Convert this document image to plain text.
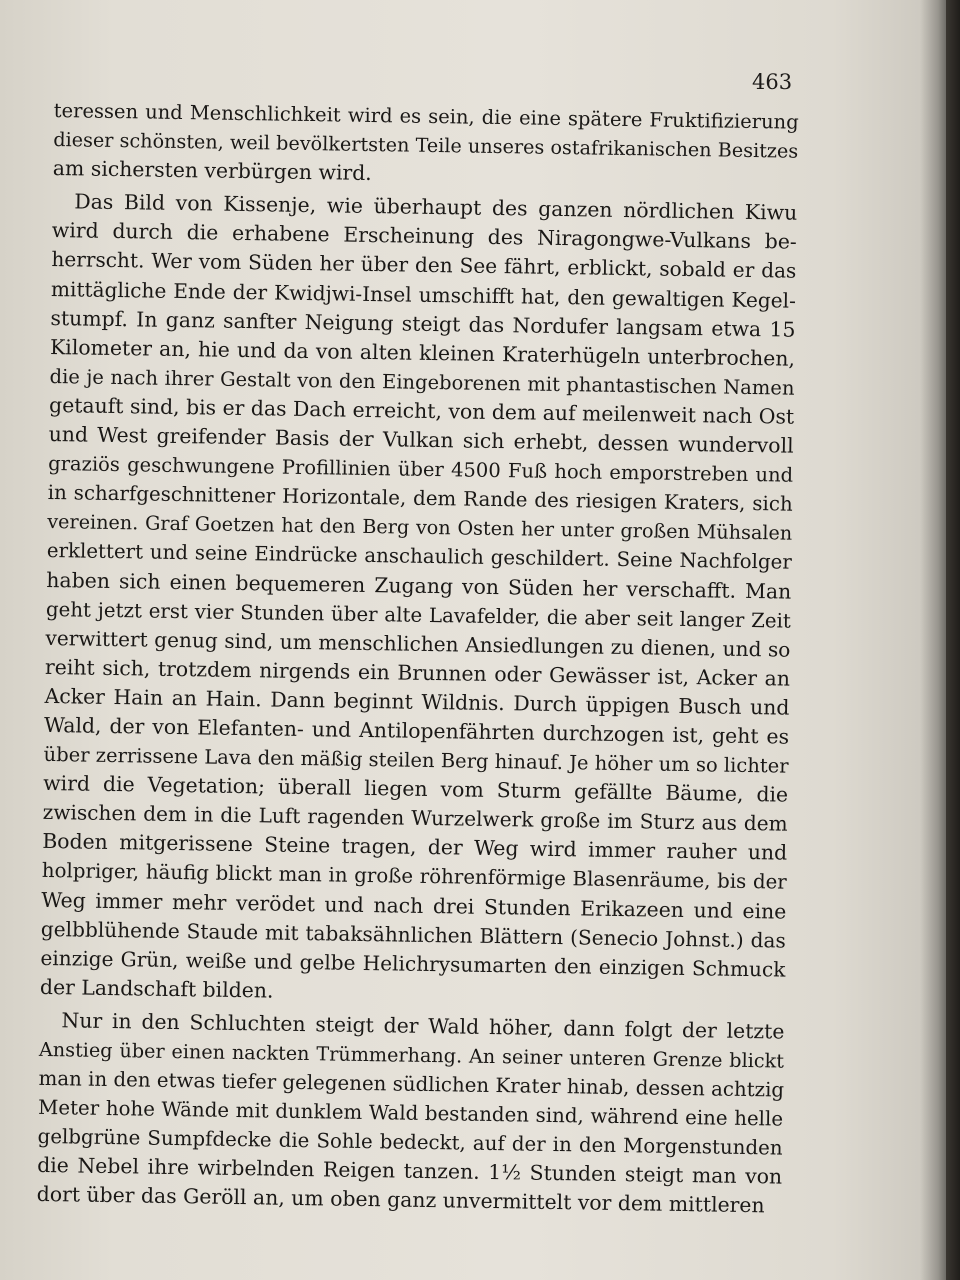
463
teressen und Menschlichkeit wird es sein, die eine spätere Fruktifizierung
dieser schönsten, weil bevölkertsten Teile unseres ostafrikanischen Besitzes
am sichersten verbürgen wird.
Das Bild von Kissenje, wie überhaupt des ganzen nördlichen Kiwu
wird durch die erhabene Erscheinung des Niragongwe-Vulkans be-
herrscht. Wer vom Süden her über den See fährt, erblickt, sobald er das
mittägliche Ende der Kwidjwi-Insel umschifft hat, den gewaltigen Kegel-
stumpf. In ganz sanfter Neigung steigt das Nordufer langsam etwa 15
Kilometer an, hie und da von alten kleinen Kraterhügeln unterbrochen,
die je nach ihrer Gestalt von den Eingeborenen mit phantastischen Namen
getauft sind, bis er das Dach erreicht, von dem auf meilenweit nach Ost
und West greifender Basis der Vulkan sich erhebt, dessen wundervoll
graziös geschwungene Profillinien über 4500 Fuß hoch emporstreben und
in scharfgeschnittener Horizontale, dem Rande des riesigen Kraters, sich
vereinen. Graf Goetzen hat den Berg von Osten her unter großen Mühsalen
erklettert und seine Eindrücke anschaulich geschildert. Seine Nachfolger
haben sich einen bequemeren Zugang von Süden her verschafft. Man
geht jetzt erst vier Stunden über alte Lavafelder, die aber seit langer Zeit
verwittert genug sind, um menschlichen Ansiedlungen zu dienen, und so
reiht sich, trotzdem nirgends ein Brunnen oder Gewässer ist, Acker an
Acker Hain an Hain. Dann beginnt Wildnis. Durch üppigen Busch und
Wald, der von Elefanten- und Antilopenfährten durchzogen ist, geht es
über zerrissene Lava den mäßig steilen Berg hinauf. Je höher um so lichter
wird die Vegetation; überall liegen vom Sturm gefällte Bäume, die
zwischen dem in die Luft ragenden Wurzelwerk große im Sturz aus dem
Boden mitgerissene Steine tragen, der Weg wird immer rauher und
holpriger, häufig blickt man in große röhrenförmige Blasenräume, bis der
Weg immer mehr verödet und nach drei Stunden Erikazeen und eine
gelbblühende Staude mit tabaksähnlichen Blättern (Senecio Johnst.) das
einzige Grün, weiße und gelbe Helichrysumarten den einzigen Schmuck
der Landschaft bilden.
Nur in den Schluchten steigt der Wald höher, dann folgt der letzte
Anstieg über einen nackten Trümmerhang. An seiner unteren Grenze blickt
man in den etwas tiefer gelegenen südlichen Krater hinab, dessen achtzig
Meter hohe Wände mit dunklem Wald bestanden sind, während eine helle
gelbgrüne Sumpfdecke die Sohle bedeckt, auf der in den Morgenstunden
die Nebel ihre wirbelnden Reigen tanzen. 1½ Stunden steigt man von
dort über das Geröll an, um oben ganz unvermittelt vor dem mittleren
